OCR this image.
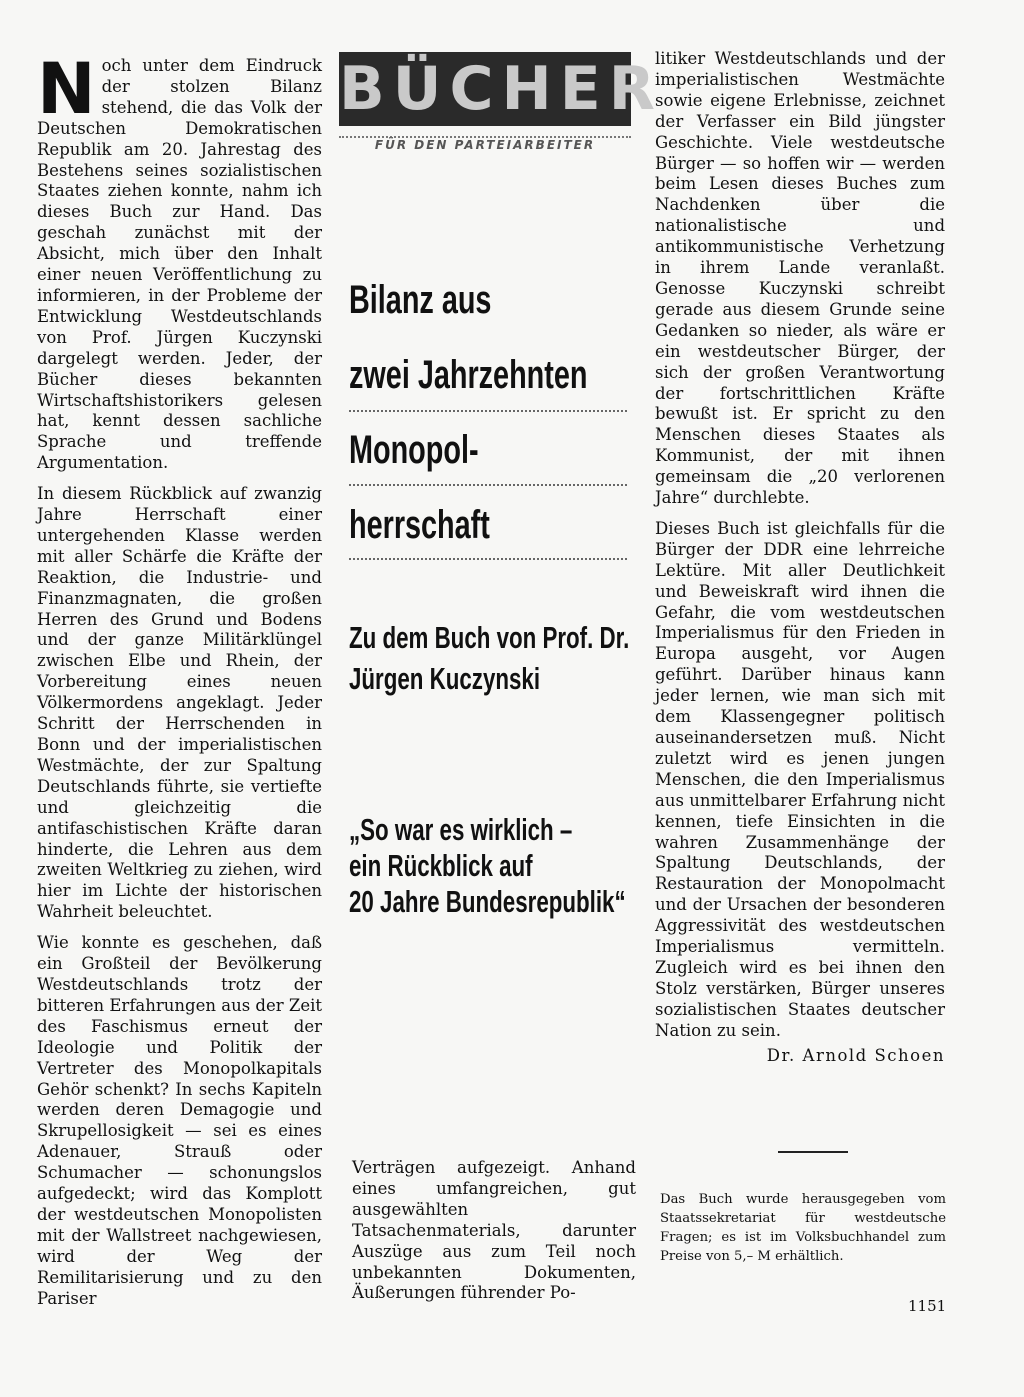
Noch unter dem Eindruck der stolzen Bilanz stehend, die das Volk der Deutschen Demokratischen Republik am 20. Jahrestag des Bestehens seines sozialistischen Staates ziehen konnte, nahm ich dieses Buch zur Hand. Das geschah zunächst mit der Absicht, mich über den Inhalt einer neuen Veröffentlichung zu informieren, in der Probleme der Entwicklung Westdeutschlands von Prof. Jürgen Kuczynski dargelegt werden. Jeder, der Bücher dieses bekannten Wirtschaftshistorikers gelesen hat, kennt dessen sachliche Sprache und treffende Argumentation.

In diesem Rückblick auf zwanzig Jahre Herrschaft einer untergehenden Klasse werden mit aller Schärfe die Kräfte der Reaktion, die Industrie- und Finanzmagnaten, die großen Herren des Grund und Bodens und der ganze Militärklüngel zwischen Elbe und Rhein, der Vorbereitung eines neuen Völkermordens angeklagt. Jeder Schritt der Herrschenden in Bonn und der imperialistischen Westmächte, der zur Spaltung Deutschlands führte, sie vertiefte und gleichzeitig die antifaschistischen Kräfte daran hinderte, die Lehren aus dem zweiten Weltkrieg zu ziehen, wird hier im Lichte der historischen Wahrheit beleuchtet.

Wie konnte es geschehen, daß ein Großteil der Bevölkerung Westdeutschlands trotz der bitteren Erfahrungen aus der Zeit des Faschismus erneut der Ideologie und Politik der Vertreter des Monopolkapitals Gehör schenkt? In sechs Kapiteln werden deren Demagogie und Skrupellosigkeit — sei es eines Adenauer, Strauß oder Schumacher — schonungslos aufgedeckt; wird das Komplott der westdeutschen Monopolisten mit der Wallstreet nachgewiesen, wird der Weg der Remilitarisierung und zu den Pariser

BÜCHER
FÜR DEN PARTEIARBEITER
Bilanz aus
zwei Jahrzehnten
Monopol-
herrschaft
Zu dem Buch von Prof. Dr.
Jürgen Kuczynski
„So war es wirklich –
ein Rückblick auf
20 Jahre Bundesrepublik“

Verträgen aufgezeigt. Anhand eines umfangreichen, gut ausgewählten Tatsachenmaterials, darunter Auszüge aus zum Teil noch unbekannten Dokumenten, Äußerungen führender Po-

litiker Westdeutschlands und der imperialistischen Westmächte sowie eigene Erlebnisse, zeichnet der Verfasser ein Bild jüngster Geschichte. Viele westdeutsche Bürger — so hoffen wir — werden beim Lesen dieses Buches zum Nachdenken über die nationalistische und antikommunistische Verhetzung in ihrem Lande veranlaßt. Genosse Kuczynski schreibt gerade aus diesem Grunde seine Gedanken so nieder, als wäre er ein westdeutscher Bürger, der sich der großen Verantwortung der fortschrittlichen Kräfte bewußt ist. Er spricht zu den Menschen dieses Staates als Kommunist, der mit ihnen gemeinsam die „20 verlorenen Jahre“ durchlebte.

Dieses Buch ist gleichfalls für die Bürger der DDR eine lehrreiche Lektüre. Mit aller Deutlichkeit und Beweiskraft wird ihnen die Gefahr, die vom westdeutschen Imperialismus für den Frieden in Europa ausgeht, vor Augen geführt. Darüber hinaus kann jeder lernen, wie man sich mit dem Klassengegner politisch auseinandersetzen muß. Nicht zuletzt wird es jenen jungen Menschen, die den Imperialismus aus unmittelbarer Erfahrung nicht kennen, tiefe Einsichten in die wahren Zusammenhänge der Spaltung Deutschlands, der Restauration der Monopolmacht und der Ursachen der besonderen Aggressivität des westdeutschen Imperialismus vermitteln. Zugleich wird es bei ihnen den Stolz verstärken, Bürger unseres sozialistischen Staates deutscher Nation zu sein.

Dr. Arnold Schoen

Das Buch wurde herausgegeben vom Staatssekretariat für westdeutsche Fragen; es ist im Volksbuchhandel zum Preise von 5,– M erhältlich.
1151
